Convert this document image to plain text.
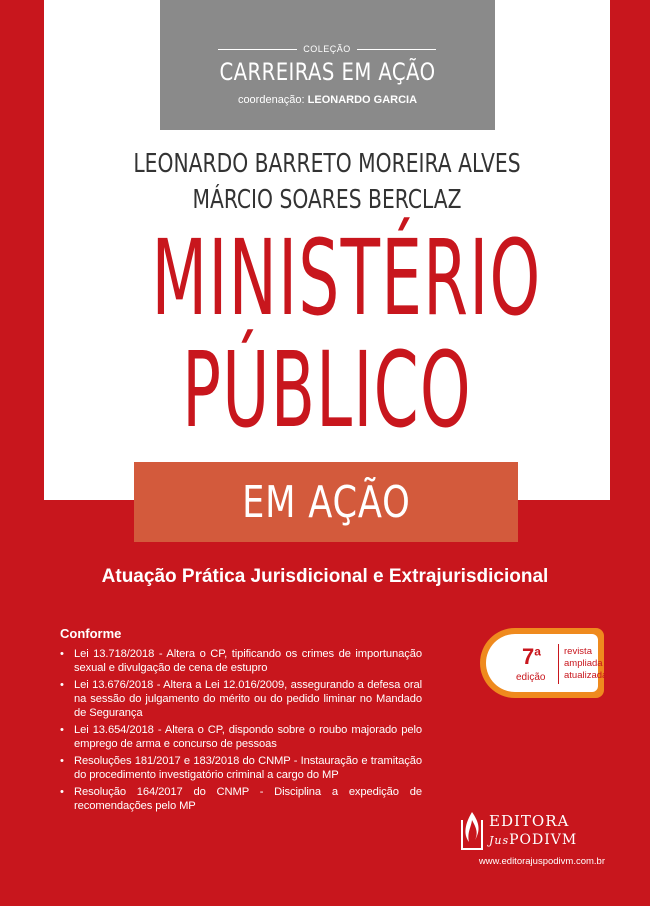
COLEÇÃO
CARREIRAS EM AÇÃO
coordenação: LEONARDO GARCIA
LEONARDO BARRETO MOREIRA ALVES
MÁRCIO SOARES BERCLAZ
MINISTÉRIO
PÚBLICO
EM AÇÃO
Atuação Prática Jurisdicional e Extrajurisdicional
Conforme
• Lei 13.718/2018 - Altera o CP, tipificando os crimes de importunação sexual e divulgação de cena de estupro
• Lei 13.676/2018 - Altera a Lei 12.016/2009, assegurando a defesa oral na sessão do julgamento do mérito ou do pedido liminar no Mandado de Segurança
• Lei 13.654/2018 - Altera o CP, dispondo sobre o roubo majorado pelo emprego de arma e concurso de pessoas
• Resoluções 181/2017 e 183/2018 do CNMP - Instauração e tramitação do procedimento investigatório criminal a cargo do MP
• Resolução 164/2017 do CNMP - Disciplina a expedição de recomendações pelo MP
7$^a$
edição
revista
ampliada
atualizada
EDITORA
JusPODIVM
www.editorajuspodivm.com.br
